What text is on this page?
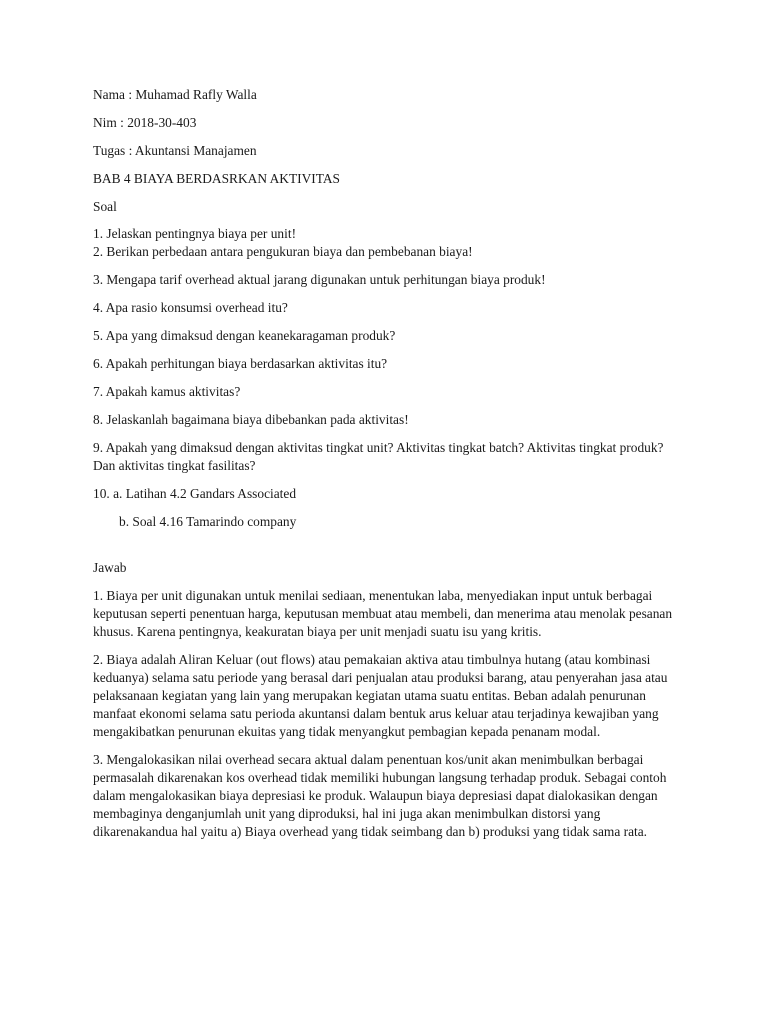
Nama : Muhamad Rafly Walla

Nim : 2018-30-403

Tugas : Akuntansi Manajamen

BAB 4 BIAYA BERDASRKAN AKTIVITAS

Soal

1. Jelaskan pentingnya biaya per unit!

2. Berikan perbedaan antara pengukuran biaya dan pembebanan biaya!

3. Mengapa tarif overhead aktual jarang digunakan untuk perhitungan biaya produk!

4. Apa rasio konsumsi overhead itu?

5. Apa yang dimaksud dengan keanekaragaman produk?

6. Apakah perhitungan biaya berdasarkan aktivitas itu?

7. Apakah kamus aktivitas?

8. Jelaskanlah bagaimana biaya dibebankan pada aktivitas!

9. Apakah yang dimaksud dengan aktivitas tingkat unit? Aktivitas tingkat batch? Aktivitas tingkat produk? Dan aktivitas tingkat fasilitas?

10. a. Latihan 4.2 Gandars Associated

b. Soal 4.16 Tamarindo company

Jawab

1. Biaya per unit digunakan untuk menilai sediaan, menentukan laba, menyediakan input untuk berbagai keputusan seperti penentuan harga, keputusan membuat atau membeli, dan menerima atau menolak pesanan khusus. Karena pentingnya, keakuratan biaya per unit menjadi suatu isu yang kritis.

2. Biaya adalah Aliran Keluar (out flows) atau pemakaian aktiva atau timbulnya hutang (atau kombinasi keduanya) selama satu periode yang berasal dari penjualan atau produksi barang, atau penyerahan jasa atau pelaksanaan kegiatan yang lain yang merupakan kegiatan utama suatu entitas. Beban adalah penurunan manfaat ekonomi selama satu perioda akuntansi dalam bentuk arus keluar atau terjadinya kewajiban yang mengakibatkan penurunan ekuitas yang tidak menyangkut pembagian kepada penanam modal.

3. Mengalokasikan nilai overhead secara aktual dalam penentuan kos/unit akan menimbulkan berbagai permasalah dikarenakan kos overhead tidak memiliki hubungan langsung terhadap produk. Sebagai contoh dalam mengalokasikan biaya depresiasi ke produk. Walaupun biaya depresiasi dapat dialokasikan dengan membaginya denganjumlah unit yang diproduksi, hal ini juga akan menimbulkan distorsi yang dikarenakandua hal yaitu a) Biaya overhead yang tidak seimbang dan b) produksi yang tidak sama rata.
